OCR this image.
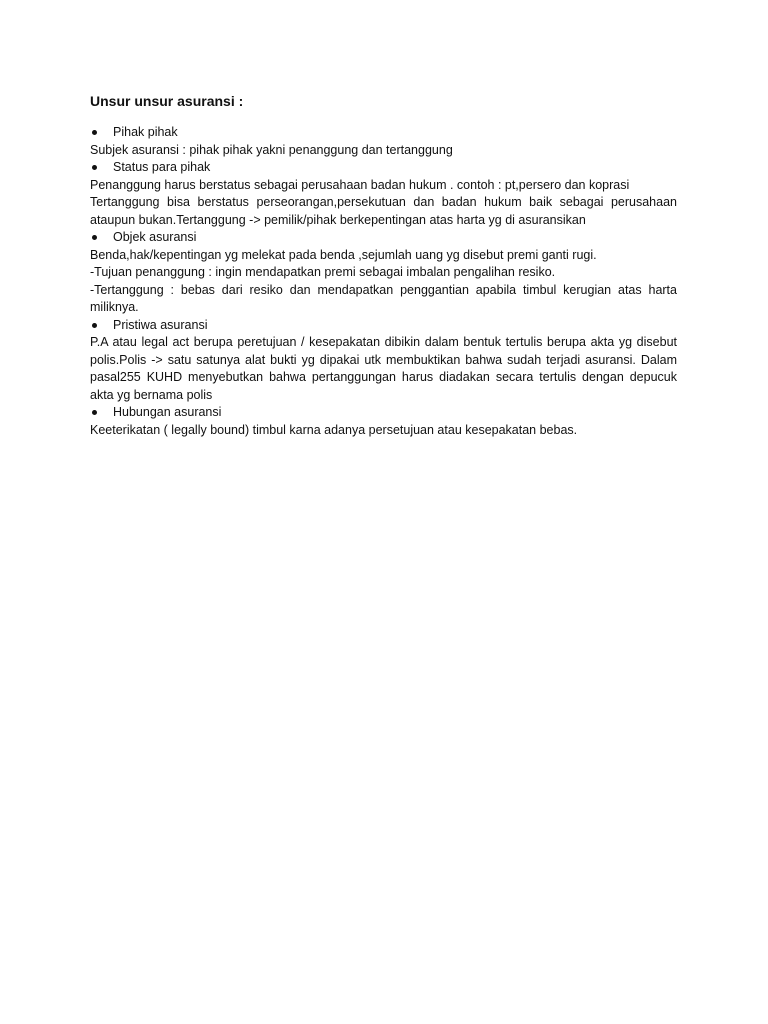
Unsur unsur asuransi :
Pihak pihak
Subjek asuransi : pihak pihak yakni penanggung dan tertanggung
Status para pihak
Penanggung harus berstatus sebagai perusahaan badan hukum . contoh : pt,persero dan koprasi
Tertanggung bisa berstatus perseorangan,persekutuan dan badan hukum baik sebagai perusahaan ataupun bukan.Tertanggung -> pemilik/pihak berkepentingan atas harta yg di asuransikan
Objek asuransi
Benda,hak/kepentingan yg melekat pada benda ,sejumlah uang yg disebut premi ganti rugi.
-Tujuan penanggung : ingin mendapatkan premi sebagai imbalan pengalihan resiko.
-Tertanggung : bebas dari resiko dan mendapatkan penggantian apabila timbul kerugian atas harta miliknya.
Pristiwa asuransi
P.A atau legal act berupa peretujuan / kesepakatan dibikin dalam bentuk tertulis berupa akta yg disebut polis.Polis -> satu satunya alat bukti yg dipakai utk membuktikan bahwa sudah terjadi asuransi. Dalam pasal255 KUHD menyebutkan bahwa pertanggungan harus diadakan secara tertulis dengan depucuk akta yg bernama polis
Hubungan asuransi
Keeterikatan ( legally bound) timbul karna adanya persetujuan atau kesepakatan bebas.
